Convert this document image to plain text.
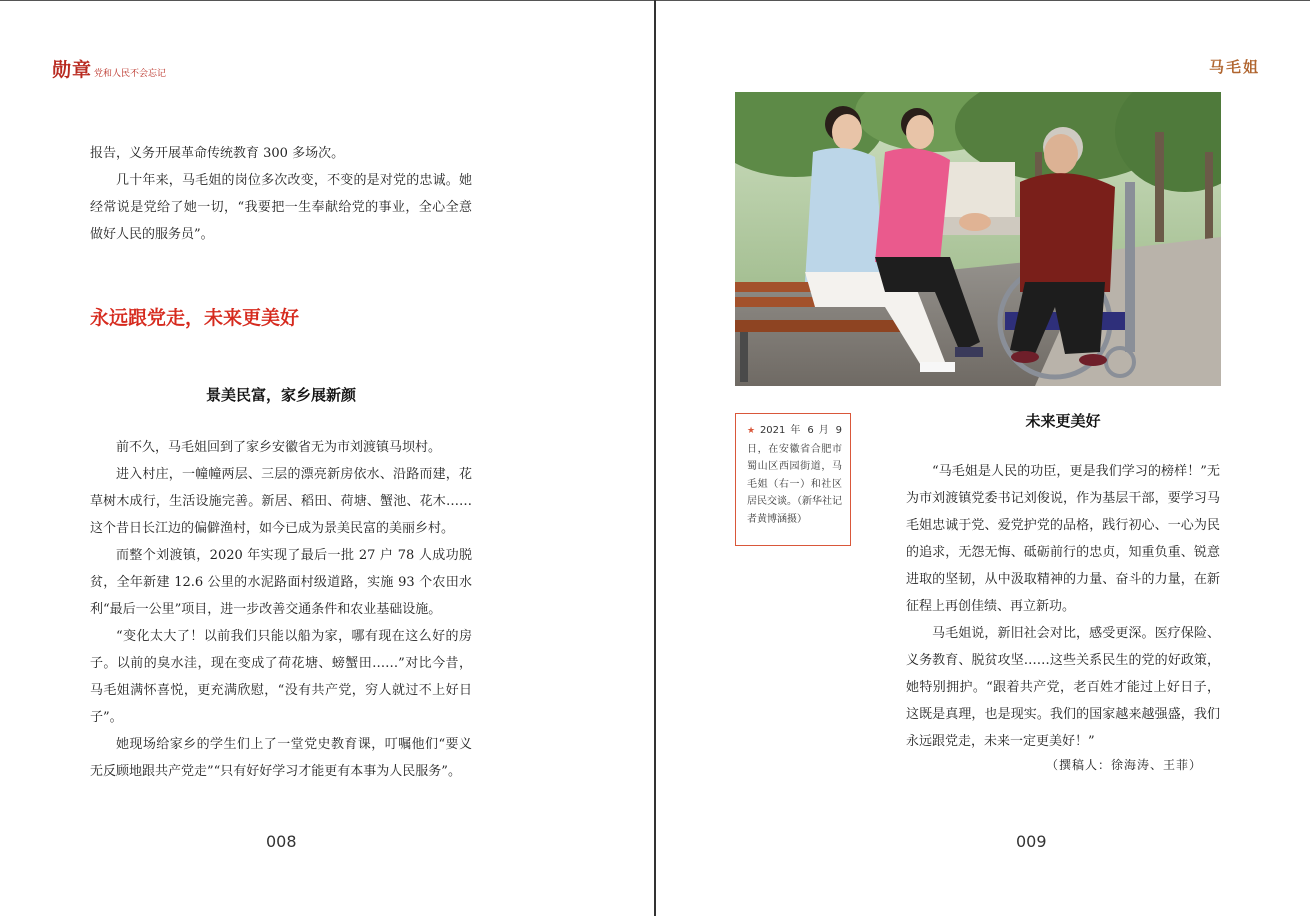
勋章 党和人民不会忘记

报告，义务开展革命传统教育 300 多场次。

几十年来，马毛姐的岗位多次改变，不变的是对党的忠诚。她经常说是党给了她一切，“我要把一生奉献给党的事业，全心全意做好人民的服务员”。

永远跟党走，未来更美好
景美民富，家乡展新颜

前不久，马毛姐回到了家乡安徽省无为市刘渡镇马坝村。

进入村庄，一幢幢两层、三层的漂亮新房依水、沿路而建，花草树木成行，生活设施完善。新居、稻田、荷塘、蟹池、花木……这个昔日长江边的偏僻渔村，如今已成为景美民富的美丽乡村。

而整个刘渡镇，2020 年实现了最后一批 27 户 78 人成功脱贫，全年新建 12.6 公里的水泥路面村级道路，实施 93 个农田水利“最后一公里”项目，进一步改善交通条件和农业基础设施。

“变化太大了！以前我们只能以船为家，哪有现在这么好的房子。以前的臭水洼，现在变成了荷花塘、螃蟹田……”对比今昔，马毛姐满怀喜悦，更充满欣慰，“没有共产党，穷人就过不上好日子”。

她现场给家乡的学生们上了一堂党史教育课，叮嘱他们“要义无反顾地跟共产党走”“只有好好学习才能更有本事为人民服务”。

008
马毛姐
★ 2021 年 6 月 9 日，在安徽省合肥市蜀山区西园街道，马毛姐（右一）和社区居民交谈。（新华社记者黄博涵摄）
未来更美好

“马毛姐是人民的功臣，更是我们学习的榜样！”无为市刘渡镇党委书记刘俊说，作为基层干部，要学习马毛姐忠诚于党、爱党护党的品格，践行初心、一心为民的追求，无怨无悔、砥砺前行的忠贞，知重负重、锐意进取的坚韧，从中汲取精神的力量、奋斗的力量，在新征程上再创佳绩、再立新功。

马毛姐说，新旧社会对比，感受更深。医疗保险、义务教育、脱贫攻坚……这些关系民生的党的好政策，她特别拥护。“跟着共产党，老百姓才能过上好日子，这既是真理，也是现实。我们的国家越来越强盛，我们永远跟党走，未来一定更美好！”

（撰稿人：徐海涛、王菲）
009
